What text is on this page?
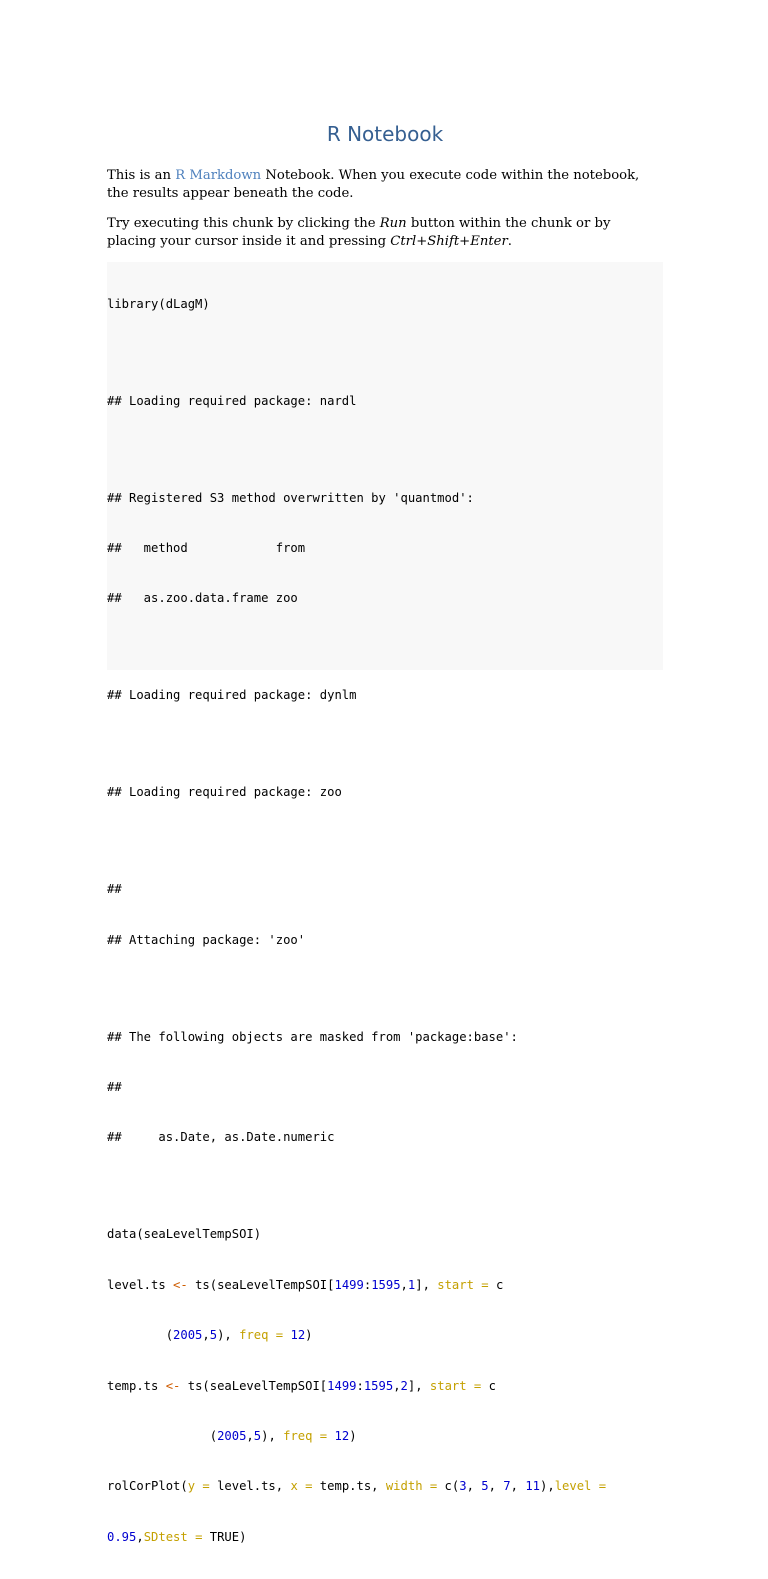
R Notebook

This is an R Markdown Notebook. When you execute code within the notebook, the results appear beneath the code.

Try executing this chunk by clicking the Run button within the chunk or by placing your cursor inside it and pressing Ctrl+Shift+Enter.

library(dLagM)

## Loading required package: nardl

## Registered S3 method overwritten by 'quantmod':

##   method            from

##   as.zoo.data.frame zoo

## Loading required package: dynlm

## Loading required package: zoo

##

## Attaching package: 'zoo'

## The following objects are masked from 'package:base':

##

##     as.Date, as.Date.numeric

data(seaLevelTempSOI)

level.ts <- ts(seaLevelTempSOI[1499:1595,1], start = c

(2005,5), freq = 12)

temp.ts <- ts(seaLevelTempSOI[1499:1595,2], start = c

(2005,5), freq = 12)

rolCorPlot(y = level.ts, x = temp.ts, width = c(3, 5, 7, 11),level =

0.95,SDtest = TRUE)
